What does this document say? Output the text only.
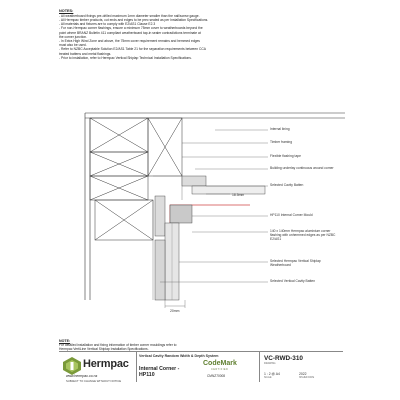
NOTES:
- All weatherboard fixings pre-drilled maximum 1mm diameter smaller than the nail/screw gauge.
- All Hermpac timber products, cut ends and edges to be prec sealed as per Installation Specifications.
- All materials and fixtures are to comply with E2/AS1 Clause E2.3
- For non-Hermpac corner flashings, ensure a minimum 75mm cover to weatherboards beyond the
point where BRANZ Bulletin 411 compliant weatherboard tap-in sealer contradictions terminate at
the corner junction.
- In Extra High Wind Zone and above, the 75mm cover requirement remains and hemmed edges
must also be used.
- Refer to NZBC Acceptable Solution E2/AS1 Table 21 for the separation requirements between CCA
treated battens and metal flashings.
- Prior to installation, refer to Hermpac Vertical Shiplap Technical Installation Specifications.
Internal lining
Timber framing
Flexible flashing tape
Building underlay continuous around corner
Selected Cavity Batten
18.5mm
HP110 Internal Corner Mould
140 x 140mm Hermpac aluminium corner flashing with unhemmed edges as per NZBC E2/AS1
Selected Hermpac Vertical Shiplap Weatherboard
Selected Vertical Cavity Batten
20mm
NOTE:
For detailed installation and fixing information of timber corner mouldings refer to
Hermpac VertiLine Vertical Shiplap Installation Specifications.
Hermpac
www.hermpac.co.nz
SUBJECT TO CHANGE WITHOUT NOTICE
Vertical Cavity Random Width & Depth System
Internal Corner -
HP110
CodeMark
CERTIFIED
CMNZ70008
VC-RWD-310
DRAWING
1 : 2 @ A4
SCALE
2022
ISSUED DATE
